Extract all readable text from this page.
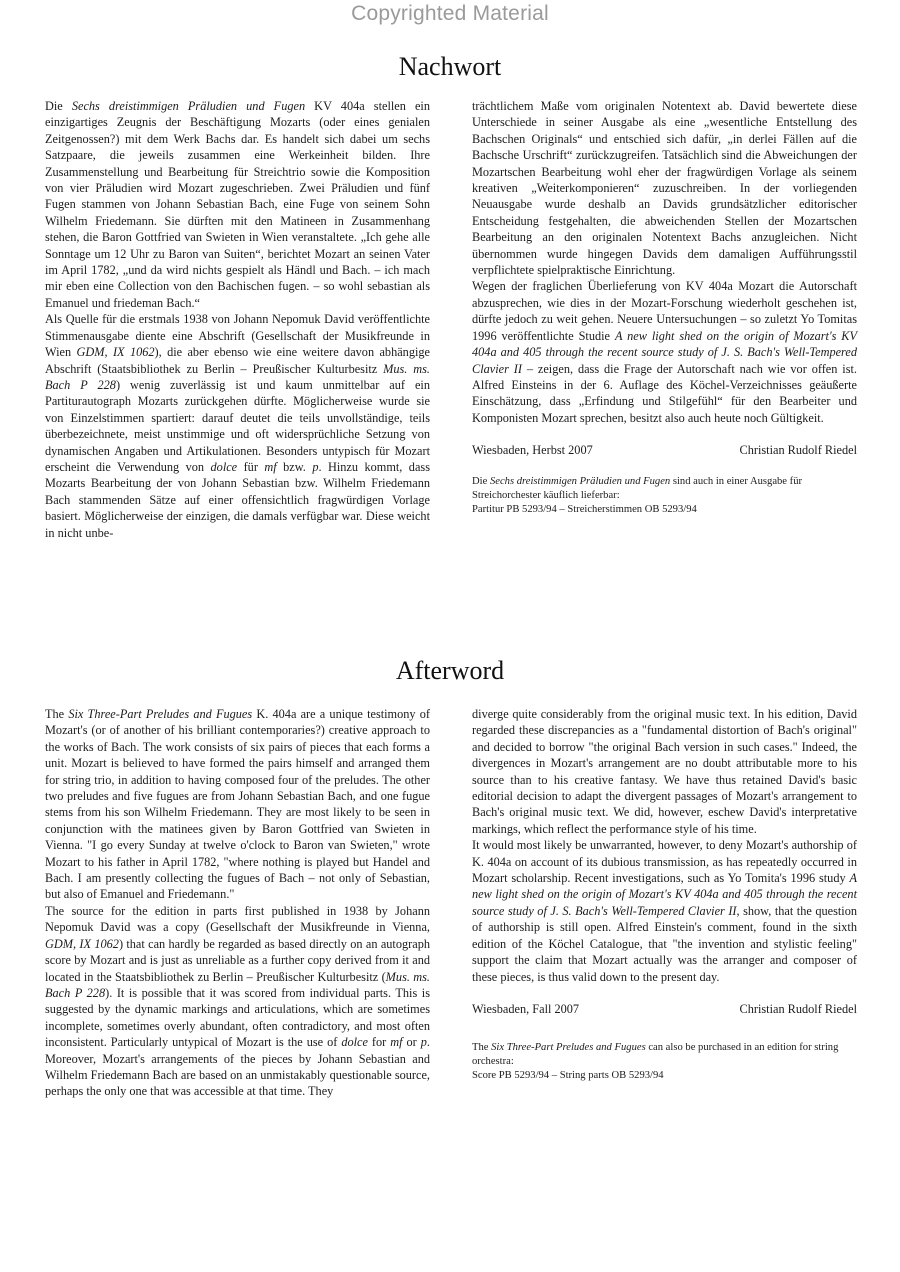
Copyrighted Material
Nachwort

Die Sechs dreistimmigen Präludien und Fugen KV 404a stellen ein einzigartiges Zeugnis der Beschäftigung Mozarts (oder eines genialen Zeitgenossen?) mit dem Werk Bachs dar. Es handelt sich dabei um sechs Satzpaare, die jeweils zusammen eine Werkeinheit bilden. Ihre Zusammenstellung und Bearbeitung für Streichtrio sowie die Komposition von vier Präludien wird Mozart zugeschrieben. Zwei Präludien und fünf Fugen stammen von Johann Sebastian Bach, eine Fuge von seinem Sohn Wilhelm Friedemann. Sie dürften mit den Matineen in Zusammenhang stehen, die Baron Gottfried van Swieten in Wien veranstaltete. „Ich gehe alle Sonntage um 12 Uhr zu Baron van Suiten“, berichtet Mozart an seinen Vater im April 1782, „und da wird nichts gespielt als Händl und Bach. – ich mach mir eben eine Collection von den Bachischen fugen. – so wohl sebastian als Emanuel und friedeman Bach.“

Als Quelle für die erstmals 1938 von Johann Nepomuk David veröffentlichte Stimmenausgabe diente eine Abschrift (Gesellschaft der Musikfreunde in Wien GDM, IX 1062), die aber ebenso wie eine weitere davon abhängige Abschrift (Staatsbibliothek zu Berlin – Preußischer Kulturbesitz Mus. ms. Bach P 228) wenig zuverlässig ist und kaum unmittelbar auf ein Partiturautograph Mozarts zurückgehen dürfte. Möglicherweise wurde sie von Einzelstimmen spartiert: darauf deutet die teils unvollständige, teils überbezeichnete, meist unstimmige und oft widersprüchliche Setzung von dynamischen Angaben und Artikulationen. Besonders untypisch für Mozart erscheint die Verwendung von dolce für mf bzw. p. Hinzu kommt, dass Mozarts Bearbeitung der von Johann Sebastian bzw. Wilhelm Friedemann Bach stammenden Sätze auf einer offensichtlich fragwürdigen Vorlage basiert. Möglicherweise der einzigen, die damals verfügbar war. Diese weicht in nicht unbe-

trächtlichem Maße vom originalen Notentext ab. David bewertete diese Unterschiede in seiner Ausgabe als eine „wesentliche Entstellung des Bachschen Originals“ und entschied sich dafür, „in derlei Fällen auf die Bachsche Urschrift“ zurückzugreifen. Tatsächlich sind die Abweichungen der Mozartschen Bearbeitung wohl eher der fragwürdigen Vorlage als seinem kreativen „Weiterkomponieren“ zuzuschreiben. In der vorliegenden Neuausgabe wurde deshalb an Davids grundsätzlicher editorischer Entscheidung festgehalten, die abweichenden Stellen der Mozartschen Bearbeitung an den originalen Notentext Bachs anzugleichen. Nicht übernommen wurde hingegen Davids dem damaligen Aufführungsstil verpflichtete spielpraktische Einrichtung.

Wegen der fraglichen Überlieferung von KV 404a Mozart die Autorschaft abzusprechen, wie dies in der Mozart-Forschung wiederholt geschehen ist, dürfte jedoch zu weit gehen. Neuere Untersuchungen – so zuletzt Yo Tomitas 1996 veröffentlichte Studie A new light shed on the origin of Mozart's KV 404a and 405 through the recent source study of J. S. Bach's Well-Tempered Clavier II – zeigen, dass die Frage der Autorschaft nach wie vor offen ist. Alfred Einsteins in der 6. Auflage des Köchel-Verzeichnisses geäußerte Einschätzung, dass „Erfindung und Stilgefühl“ für den Bearbeiter und Komponisten Mozart sprechen, besitzt also auch heute noch Gültigkeit.

Wiesbaden, Herbst 2007	Christian Rudolf Riedel
Die Sechs dreistimmigen Präludien und Fugen sind auch in einer Ausgabe für Streichorchester käuflich lieferbar:
Partitur PB 5293/94 – Streicherstimmen OB 5293/94
Afterword

The Six Three-Part Preludes and Fugues K. 404a are a unique testimony of Mozart's (or of another of his brilliant contemporaries?) creative approach to the works of Bach. The work consists of six pairs of pieces that each forms a unit. Mozart is believed to have formed the pairs himself and arranged them for string trio, in addition to having composed four of the preludes. The other two preludes and five fugues are from Johann Sebastian Bach, and one fugue stems from his son Wilhelm Friedemann. They are most likely to be seen in conjunction with the matinees given by Baron Gottfried van Swieten in Vienna. "I go every Sunday at twelve o'clock to Baron van Swieten," wrote Mozart to his father in April 1782, "where nothing is played but Handel and Bach. I am presently collecting the fugues of Bach – not only of Sebastian, but also of Emanuel and Friedemann."

The source for the edition in parts first published in 1938 by Johann Nepomuk David was a copy (Gesellschaft der Musikfreunde in Vienna, GDM, IX 1062) that can hardly be regarded as based directly on an autograph score by Mozart and is just as unreliable as a further copy derived from it and located in the Staatsbibliothek zu Berlin – Preußischer Kulturbesitz (Mus. ms. Bach P 228). It is possible that it was scored from individual parts. This is suggested by the dynamic markings and articulations, which are sometimes incomplete, sometimes overly abundant, often contradictory, and most often inconsistent. Particularly untypical of Mozart is the use of dolce for mf or p. Moreover, Mozart's arrangements of the pieces by Johann Sebastian and Wilhelm Friedemann Bach are based on an unmistakably questionable source, perhaps the only one that was accessible at that time. They

diverge quite considerably from the original music text. In his edition, David regarded these discrepancies as a "fundamental distortion of Bach's original" and decided to borrow "the original Bach version in such cases." Indeed, the divergences in Mozart's arrangement are no doubt attributable more to his source than to his creative fantasy. We have thus retained David's basic editorial decision to adapt the divergent passages of Mozart's arrangement to Bach's original music text. We did, however, eschew David's interpretative markings, which reflect the performance style of his time.

It would most likely be unwarranted, however, to deny Mozart's authorship of K. 404a on account of its dubious transmission, as has repeatedly occurred in Mozart scholarship. Recent investigations, such as Yo Tomita's 1996 study A new light shed on the origin of Mozart's KV 404a and 405 through the recent source study of J. S. Bach's Well-Tempered Clavier II, show, that the question of authorship is still open. Alfred Einstein's comment, found in the sixth edition of the Köchel Catalogue, that "the invention and stylistic feeling" support the claim that Mozart actually was the arranger and composer of these pieces, is thus valid down to the present day.

Wiesbaden, Fall 2007	Christian Rudolf Riedel
The Six Three-Part Preludes and Fugues can also be purchased in an edition for string orchestra:
Score PB 5293/94 – String parts OB 5293/94
